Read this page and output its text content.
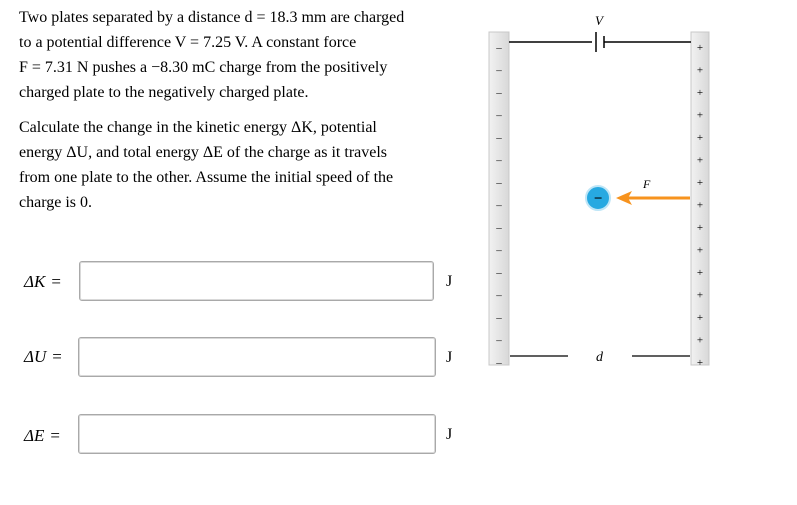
Two plates separated by a distance d = 18.3 mm are charged
to a potential difference V = 7.25 V. A constant force
F = 7.31 N pushes a −8.30 mC charge from the positively
charged plate to the negatively charged plate.
Calculate the change in the kinetic energy ΔK, potential
energy ΔU, and total energy ΔE of the charge as it travels
from one plate to the other. Assume the initial speed of the
charge is 0.
ΔK =	J
ΔU =	J
ΔE =	J
–
–
–
–
–
–
–
–
–
–
–
–
–
–
–
+
+
+
+
+
+
+
+
+
+
+
+
+
+
+
V
d
F
−
